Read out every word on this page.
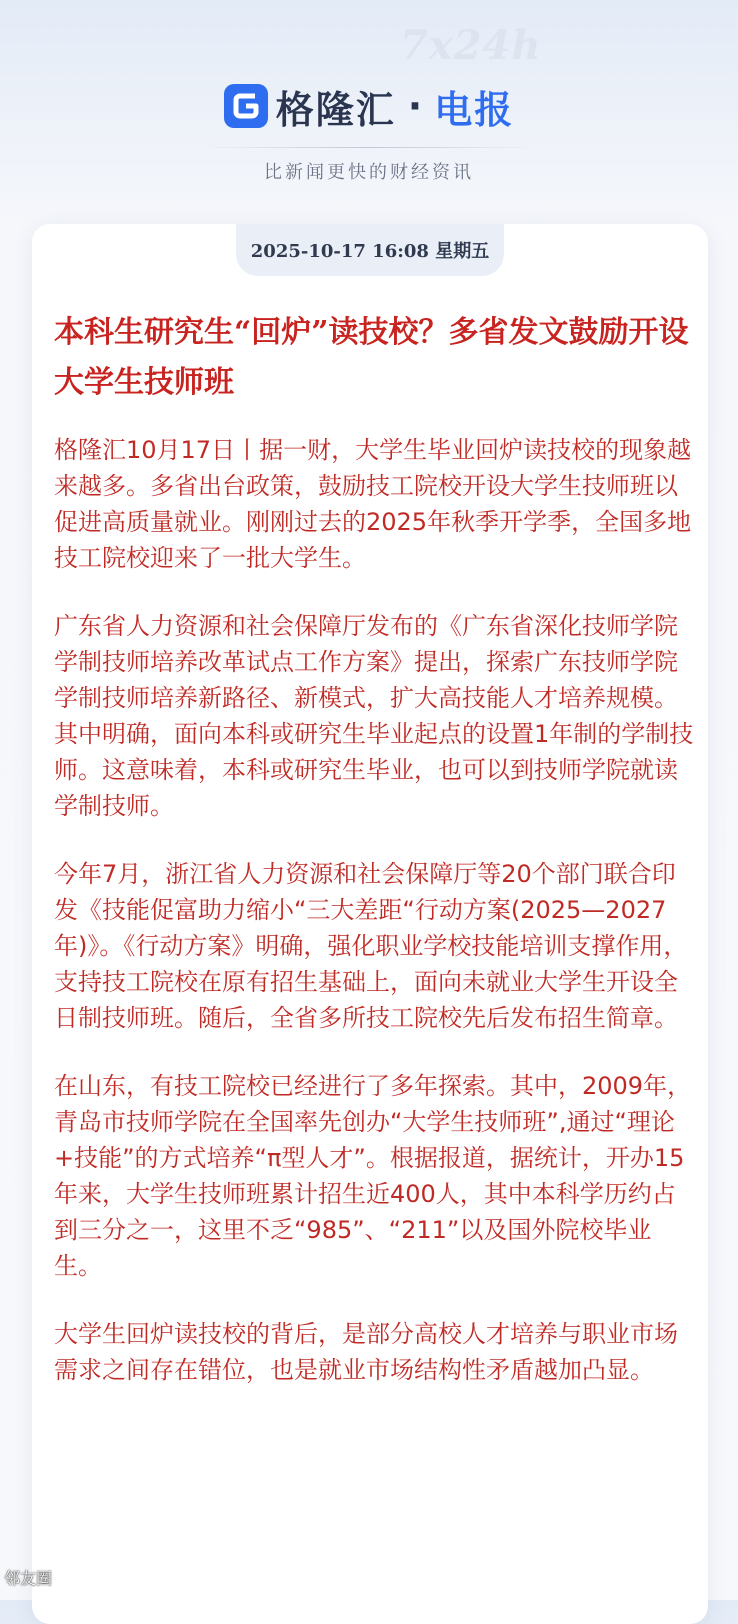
7x24h
格隆汇 · 电报
比新闻更快的财经资讯
2025-10-17 16:08 星期五
本科生研究生“回炉”读技校？多省发文鼓励开设大学生技师班

格隆汇10月17日丨据一财，大学生毕业回炉读技校的现象越来越多。多省出台政策，鼓励技工院校开设大学生技师班以促进高质量就业。刚刚过去的2025年秋季开学季，全国多地技工院校迎来了一批大学生。

广东省人力资源和社会保障厅发布的《广东省深化技师学院学制技师培养改革试点工作方案》提出，探索广东技师学院学制技师培养新路径、新模式，扩大高技能人才培养规模。其中明确，面向本科或研究生毕业起点的设置1年制的学制技师。这意味着，本科或研究生毕业，也可以到技师学院就读学制技师。

今年7月，浙江省人力资源和社会保障厅等20个部门联合印发《技能促富助力缩小“三大差距“行动方案(2025—2027年)》。《行动方案》明确，强化职业学校技能培训支撑作用，支持技工院校在原有招生基础上，面向未就业大学生开设全日制技师班。随后，全省多所技工院校先后发布招生简章。

在山东，有技工院校已经进行了多年探索。其中，2009年，青岛市技师学院在全国率先创办“大学生技师班”,通过“理论+技能”的方式培养“π型人才”。根据报道，据统计，开办15年来，大学生技师班累计招生近400人，其中本科学历约占到三分之一，这里不乏“985”、“211”以及国外院校毕业生。

大学生回炉读技校的背后，是部分高校人才培养与职业市场需求之间存在错位，也是就业市场结构性矛盾越加凸显。

邻友圈
